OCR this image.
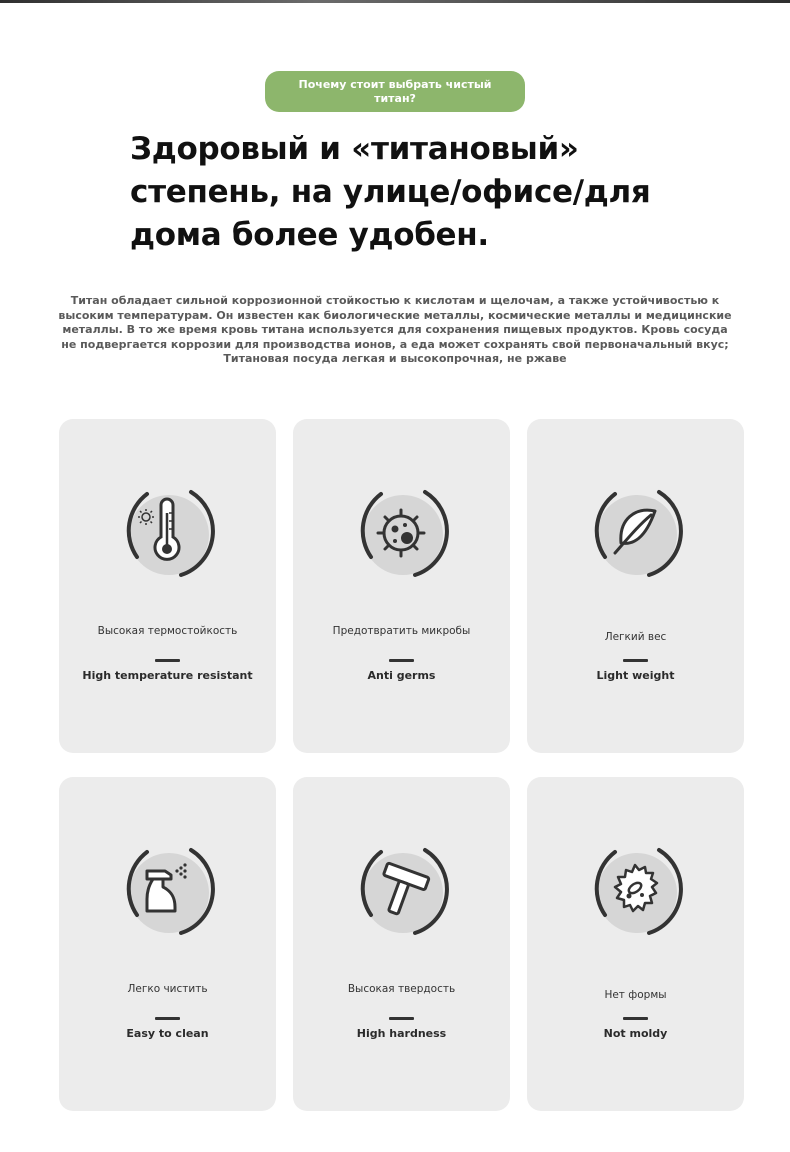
Почему стоит выбрать чистый титан?
Здоровый и «титановый» степень, на улице/офисе/для дома более удобен.

Титан обладает сильной коррозионной стойкостью к кислотам и щелочам, а также устойчивостью к высоким температурам. Он известен как биологические металлы, космические металлы и медицинские металлы. В то же время кровь титана используется для сохранения пищевых продуктов. Кровь сосуда не подвергается коррозии для производства ионов, а еда может сохранять свой первоначальный вкус; Титановая посуда легкая и высокопрочная, не ржаве

Высокая термостойкость
High temperature resistant
Предотвратить микробы
Anti germs
Легкий вес
Light weight
Легко чистить
Easy to clean
Высокая твердость
High hardness
Нет формы
Not moldy
